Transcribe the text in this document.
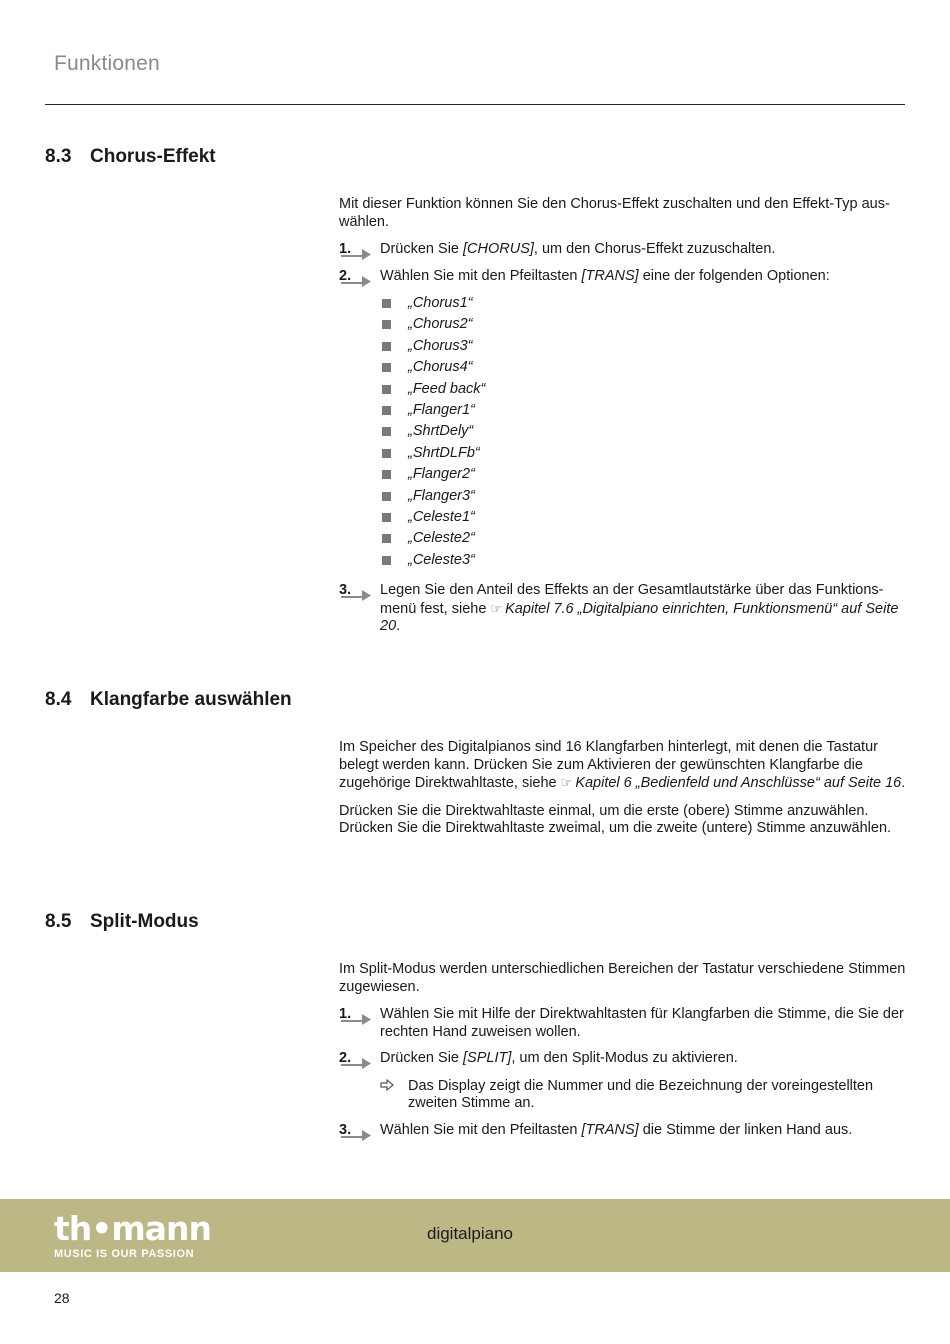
Funktionen
8.3 Chorus-Effekt

Mit dieser Funktion können Sie den Chorus-Effekt zuschalten und den Effekt-Typ auswählen.

1. Drücken Sie [CHORUS], um den Chorus-Effekt zuzuschalten.
2. Wählen Sie mit den Pfeiltasten [TRANS] eine der folgenden Optionen:
„Chorus1“
„Chorus2“
„Chorus3“
„Chorus4“
„Feed back“
„Flanger1“
„ShrtDely“
„ShrtDLFb“
„Flanger2“
„Flanger3“
„Celeste1“
„Celeste2“
„Celeste3“
3. Legen Sie den Anteil des Effekts an der Gesamtlautstärke über das Funktionsmenü fest, siehe ☞ Kapitel 7.6 „Digitalpiano einrichten, Funktionsmenü“ auf Seite 20.
8.4 Klangfarbe auswählen

Im Speicher des Digitalpianos sind 16 Klangfarben hinterlegt, mit denen die Tastatur belegt werden kann. Drücken Sie zum Aktivieren der gewünschten Klangfarbe die zugehörige Direktwahltaste, siehe ☞ Kapitel 6 „Bedienfeld und Anschlüsse“ auf Seite 16.

Drücken Sie die Direktwahltaste einmal, um die erste (obere) Stimme anzuwählen. Drücken Sie die Direktwahltaste zweimal, um die zweite (untere) Stimme anzuwählen.

8.5 Split-Modus

Im Split-Modus werden unterschiedlichen Bereichen der Tastatur verschiedene Stimmen zugewiesen.

1. Wählen Sie mit Hilfe der Direktwahltasten für Klangfarben die Stimme, die Sie der rechten Hand zuweisen wollen.
2. Drücken Sie [SPLIT], um den Split-Modus zu aktivieren.
Das Display zeigt die Nummer und die Bezeichnung der voreingestellten zweiten Stimme an.
3. Wählen Sie mit den Pfeiltasten [TRANS] die Stimme der linken Hand aus.
th•mann
MUSIC IS OUR PASSION
digitalpiano
28
